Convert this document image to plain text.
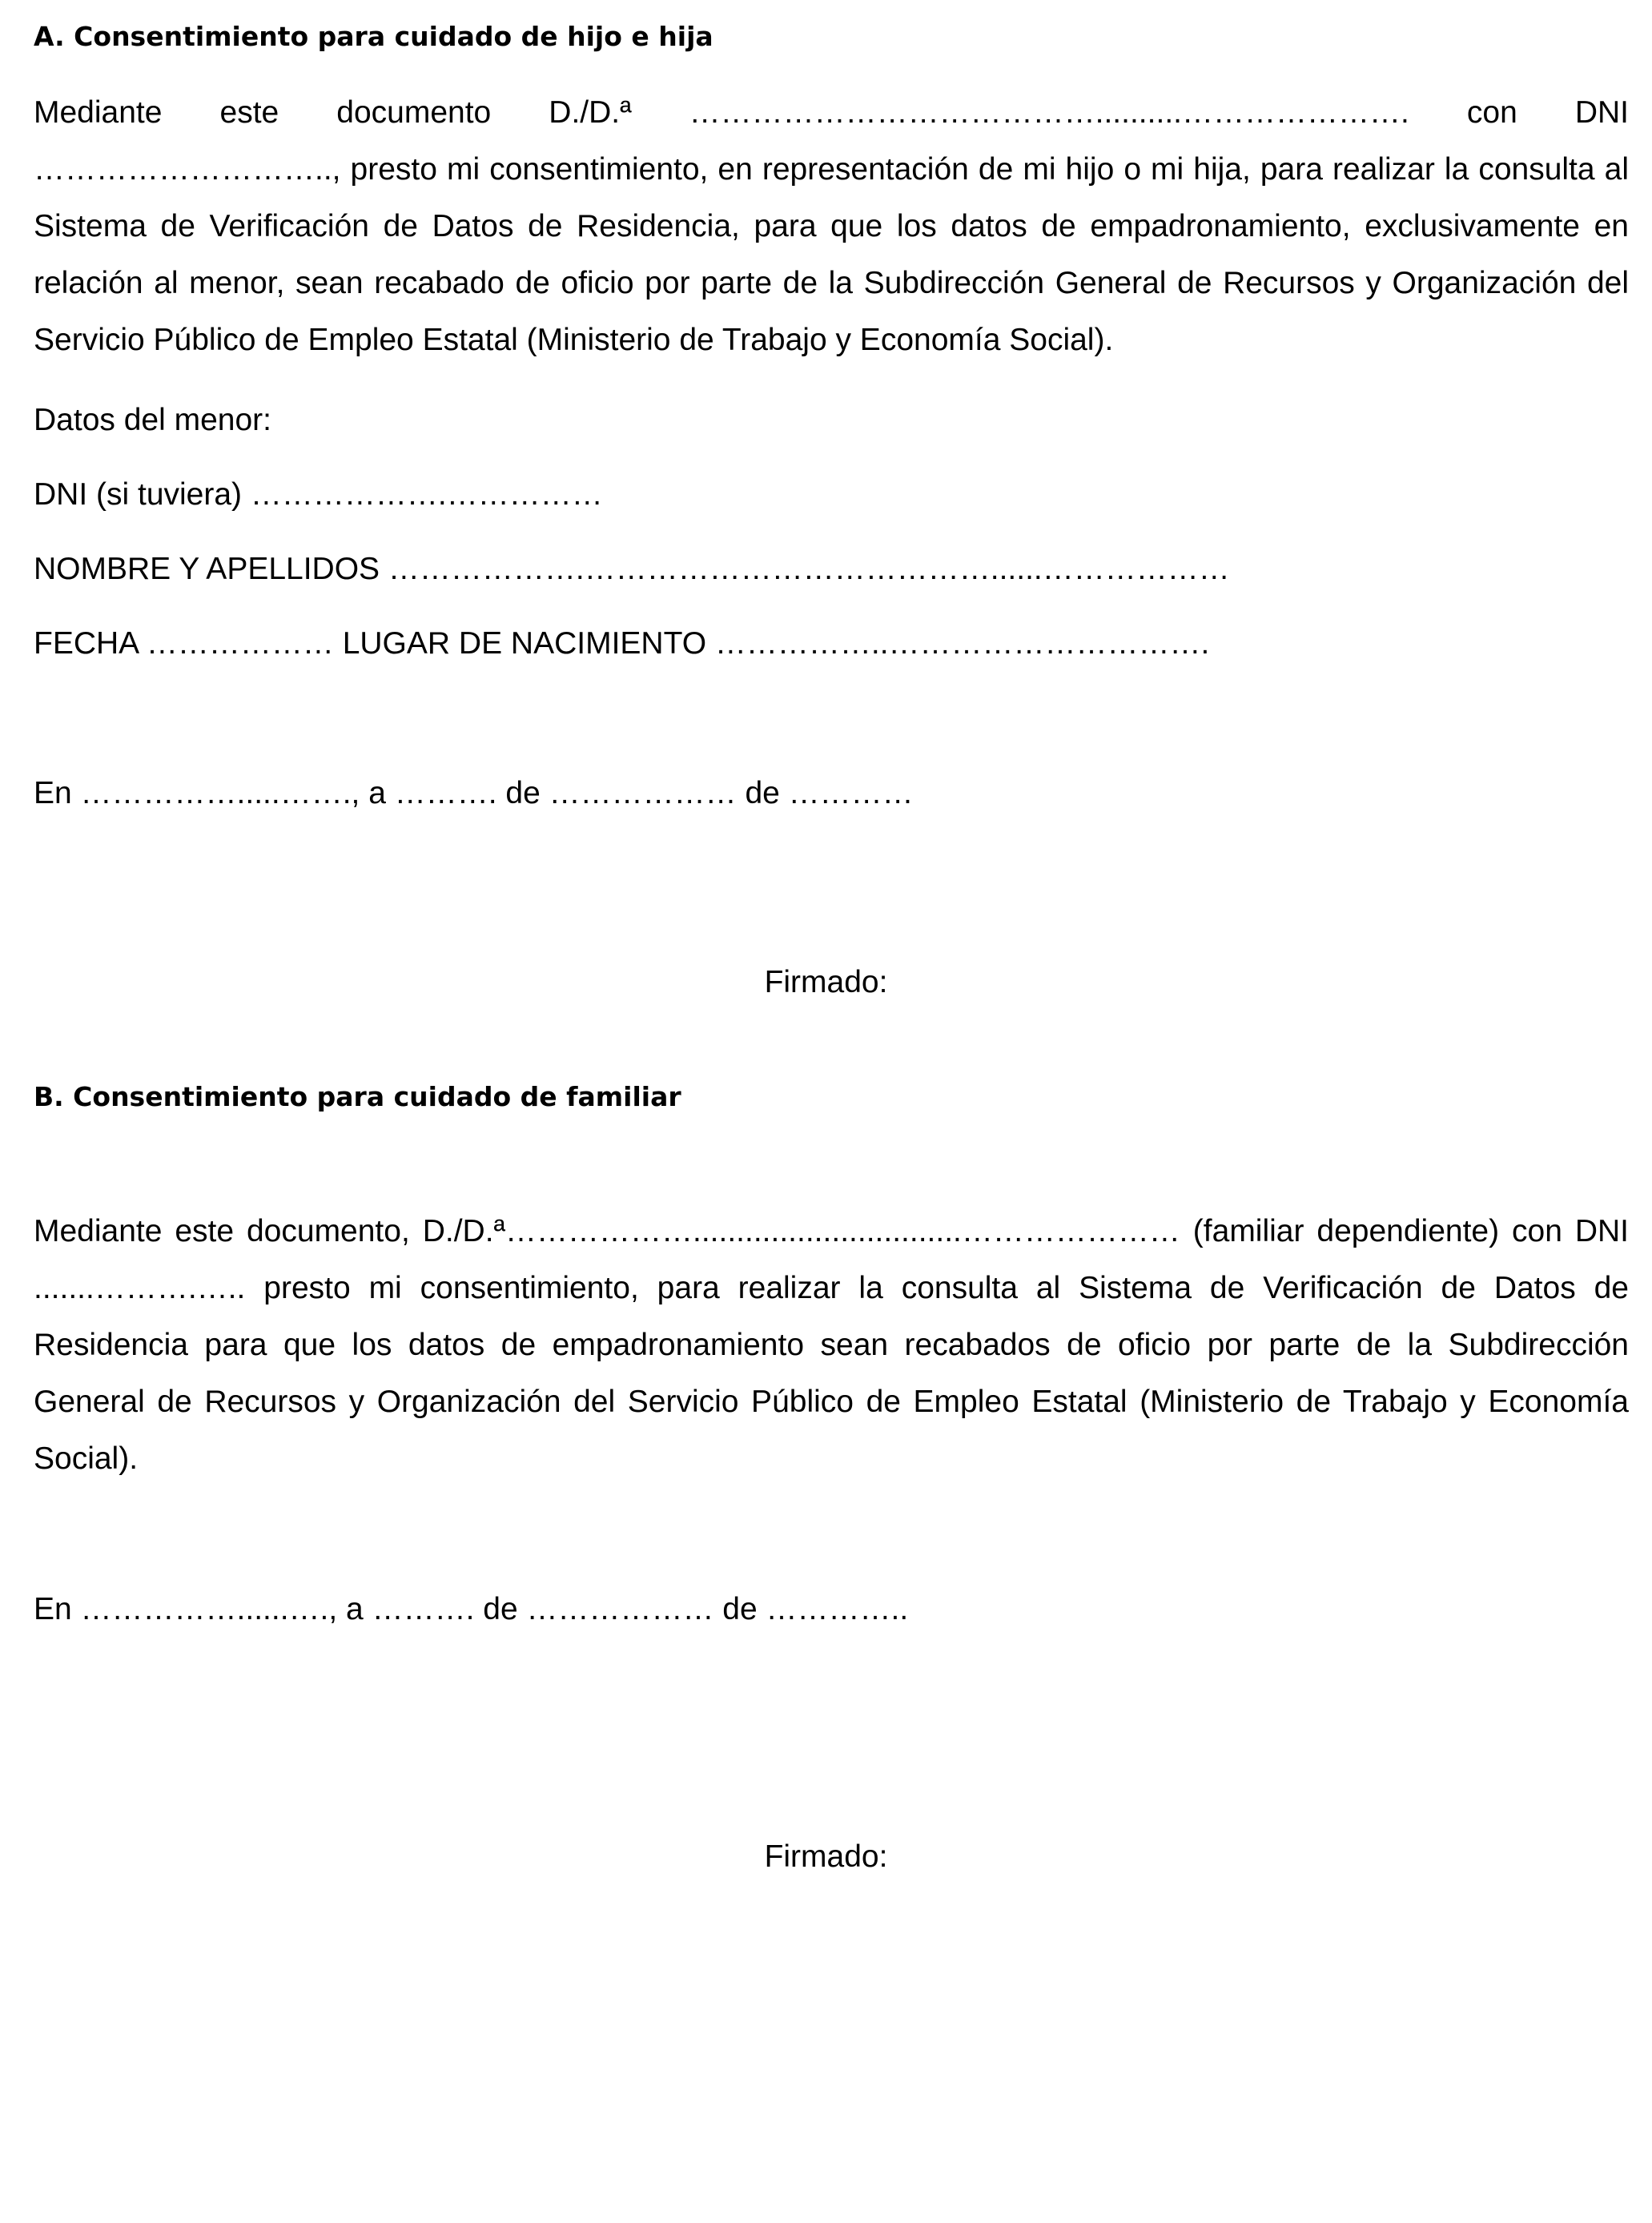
A. Consentimiento para cuidado de hijo e hija
Mediante este documento D./D.ª …………………………………..........…………………. con DNI ……………………….., presto mi consentimiento, en representación de mi hijo o mi hija, para realizar la consulta al Sistema de Verificación de Datos de Residencia, para que los datos de empadronamiento, exclusivamente en relación al menor, sean recabado de oficio por parte de la Subdirección General de Recursos y Organización del Servicio Público de Empleo Estatal (Ministerio de Trabajo y Economía Social).
Datos del menor:
DNI (si tuviera) ……………….……………
NOMBRE Y APELLIDOS ……………….…………………………………......………………
FECHA ……………… LUGAR DE NACIMIENTO ……………..………………………….
En …………….....……., a ………. de ……………… de …………
Firmado:
B. Consentimiento para cuidado de familiar
Mediante este documento, D./D.ª………………...............................………………… (familiar dependiente) con DNI .......……….….. presto mi consentimiento, para realizar la consulta al Sistema de Verificación de Datos de Residencia para que los datos de empadronamiento sean recabados de oficio por parte de la Subdirección General de Recursos y Organización del Servicio Público de Empleo Estatal (Ministerio de Trabajo y Economía Social).
En ……………......…., a ………. de ……………… de …………..
Firmado:
